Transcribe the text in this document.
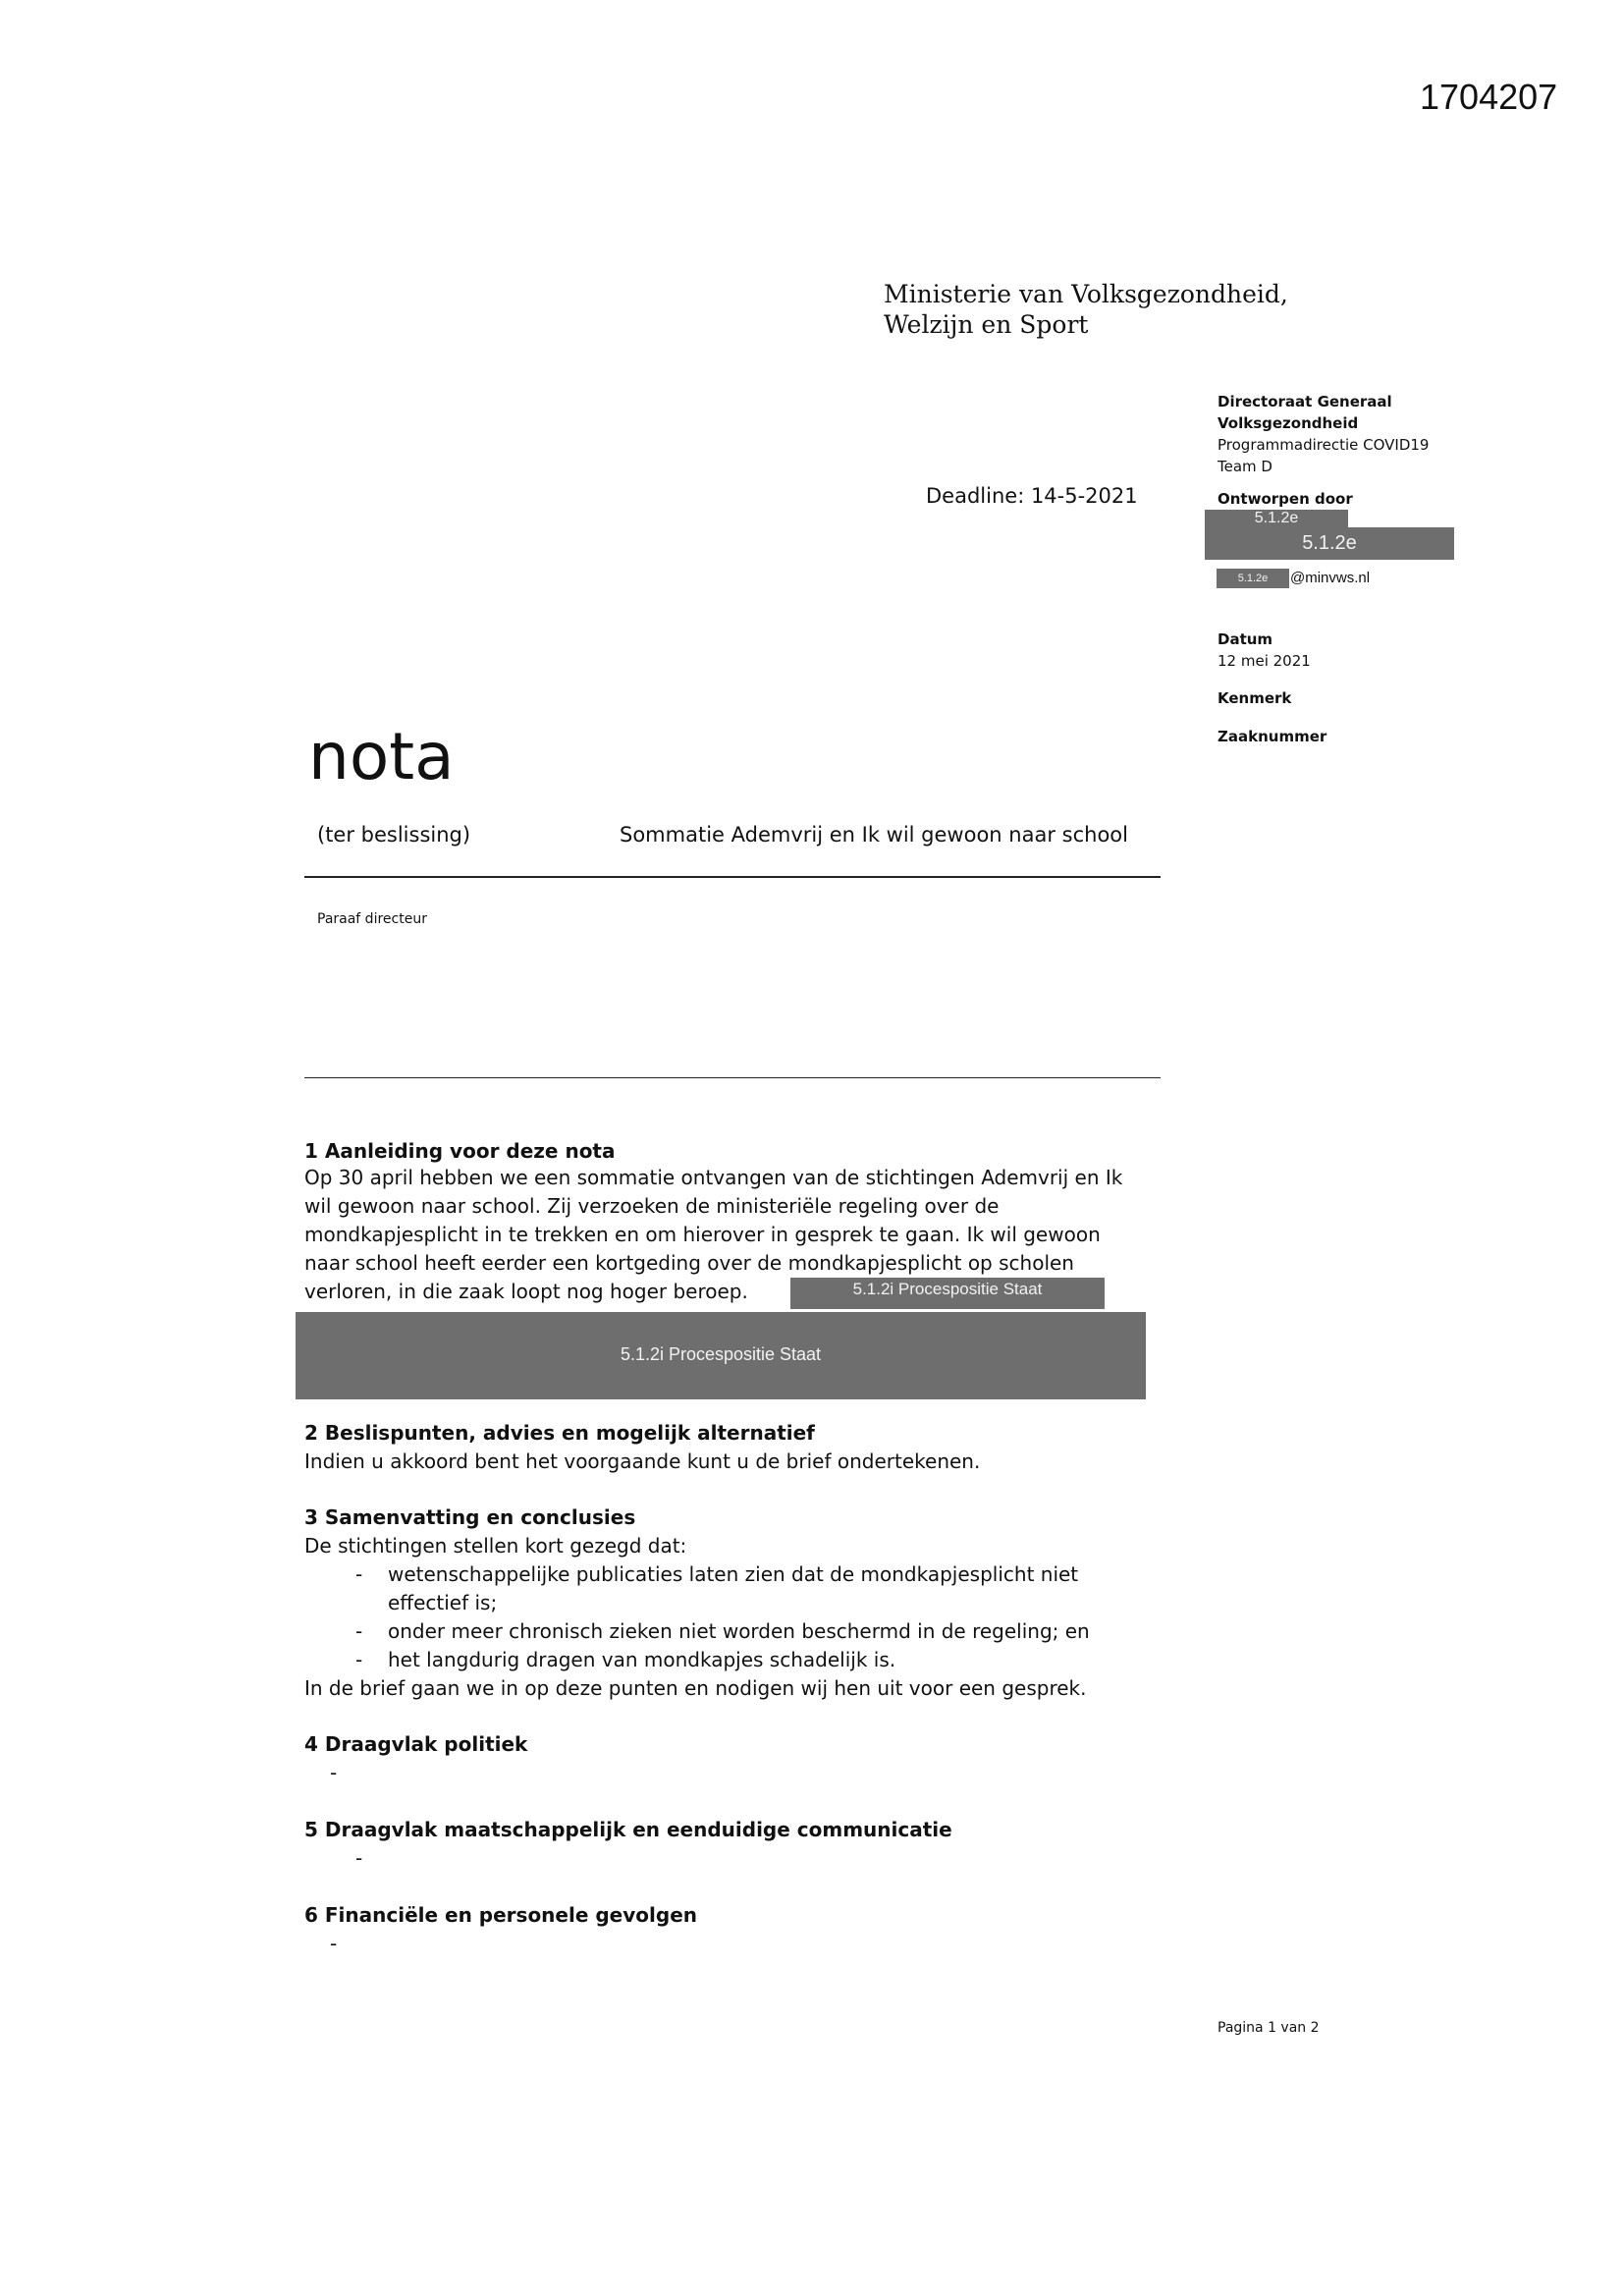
1704207
Ministerie van Volksgezondheid,
Welzijn en Sport
Deadline: 14-5-2021
Directoraat Generaal
Volksgezondheid
Programmadirectie COVID19
Team D
Ontworpen door
5.1.2e
5.1.2e
5.1.2e	@minvws.nl
Datum
12 mei 2021
Kenmerk
Zaaknummer
nota
(ter beslissing)	Sommatie Ademvrij en Ik wil gewoon naar school
Paraaf directeur
1 Aanleiding voor deze nota
Op 30 april hebben we een sommatie ontvangen van de stichtingen Ademvrij en Ik
wil gewoon naar school. Zij verzoeken de ministeriële regeling over de
mondkapjesplicht in te trekken en om hierover in gesprek te gaan. Ik wil gewoon
naar school heeft eerder een kortgeding over de mondkapjesplicht op scholen
verloren, in die zaak loopt nog hoger beroep.	5.1.2i Procespositie Staat
5.1.2i Procespositie Staat
2 Beslispunten, advies en mogelijk alternatief
Indien u akkoord bent het voorgaande kunt u de brief ondertekenen.
3 Samenvatting en conclusies
De stichtingen stellen kort gezegd dat:
- wetenschappelijke publicaties laten zien dat de mondkapjesplicht niet
effectief is;
- onder meer chronisch zieken niet worden beschermd in de regeling; en
- het langdurig dragen van mondkapjes schadelijk is.
In de brief gaan we in op deze punten en nodigen wij hen uit voor een gesprek.
4 Draagvlak politiek
-
5 Draagvlak maatschappelijk en eenduidige communicatie
-
6 Financiële en personele gevolgen
-
Pagina 1 van 2
